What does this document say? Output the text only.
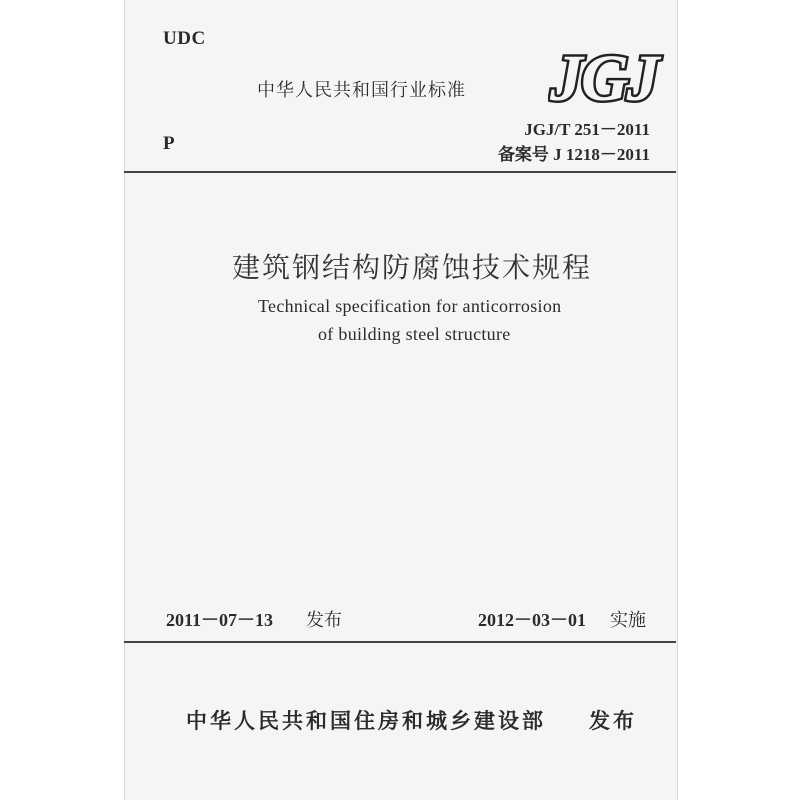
UDC
中华人民共和国行业标准 JGJ
P
JGJ/T 251－2011
备案号 J 1218－2011
建筑钢结构防腐蚀技术规程
Technical specification for anticorrosion
of building steel structure
2011－07－13 发布	2012－03－01 实施
中华人民共和国住房和城乡建设部 发布
